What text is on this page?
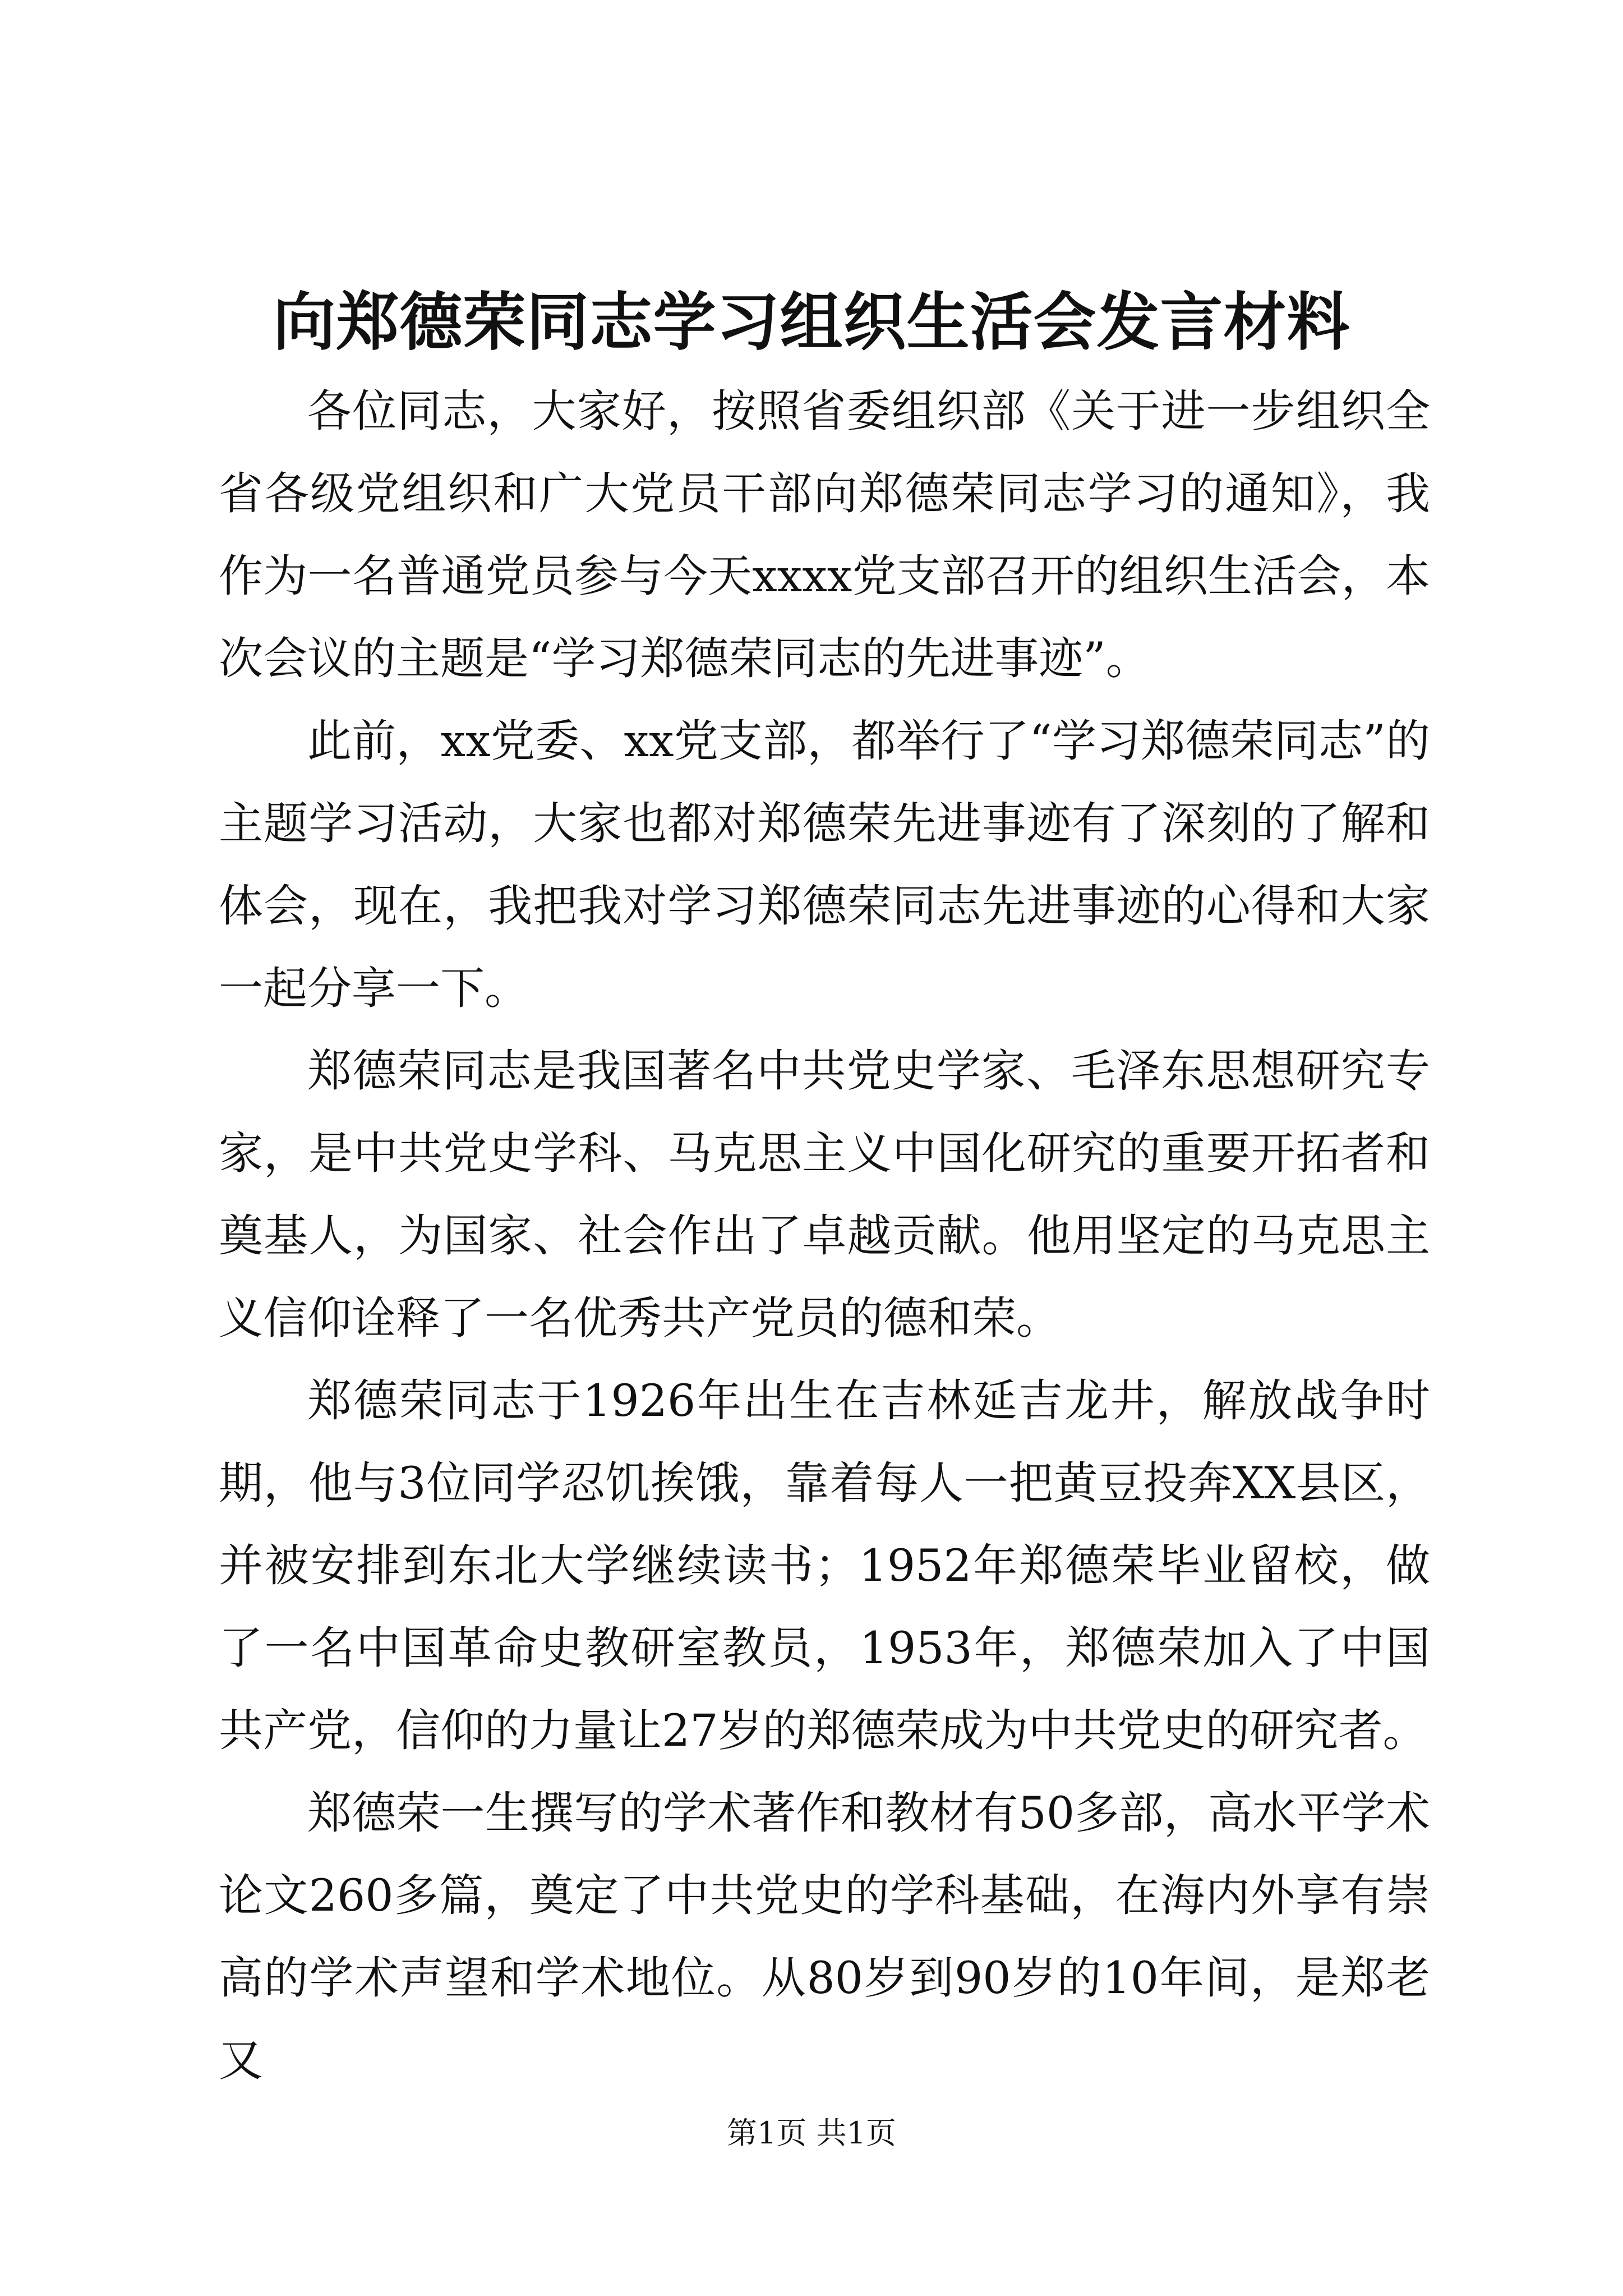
向郑德荣同志学习组织生活会发言材料

各位同志，大家好，按照省委组织部《关于进一步组织全省各级党组织和广大党员干部向郑德荣同志学习的通知》，我作为一名普通党员参与今天xxxx党支部召开的组织生活会，本次会议的主题是“学习郑德荣同志的先进事迹”。

此前，xx党委、xx党支部，都举行了“学习郑德荣同志”的主题学习活动，大家也都对郑德荣先进事迹有了深刻的了解和体会，现在，我把我对学习郑德荣同志先进事迹的心得和大家一起分享一下。

郑德荣同志是我国著名中共党史学家、毛泽东思想研究专家，是中共党史学科、马克思主义中国化研究的重要开拓者和奠基人，为国家、社会作出了卓越贡献。他用坚定的马克思主义信仰诠释了一名优秀共产党员的德和荣。

郑德荣同志于1926年出生在吉林延吉龙井，解放战争时期，他与3位同学忍饥挨饿，靠着每人一把黄豆投奔XX县区，并被安排到东北大学继续读书；1952年郑德荣毕业留校，做了一名中国革命史教研室教员，1953年，郑德荣加入了中国共产党，信仰的力量让27岁的郑德荣成为中共党史的研究者。

郑德荣一生撰写的学术著作和教材有50多部，高水平学术论文260多篇，奠定了中共党史的学科基础，在海内外享有崇高的学术声望和学术地位。从80岁到90岁的10年间，是郑老又

第1页 共1页
